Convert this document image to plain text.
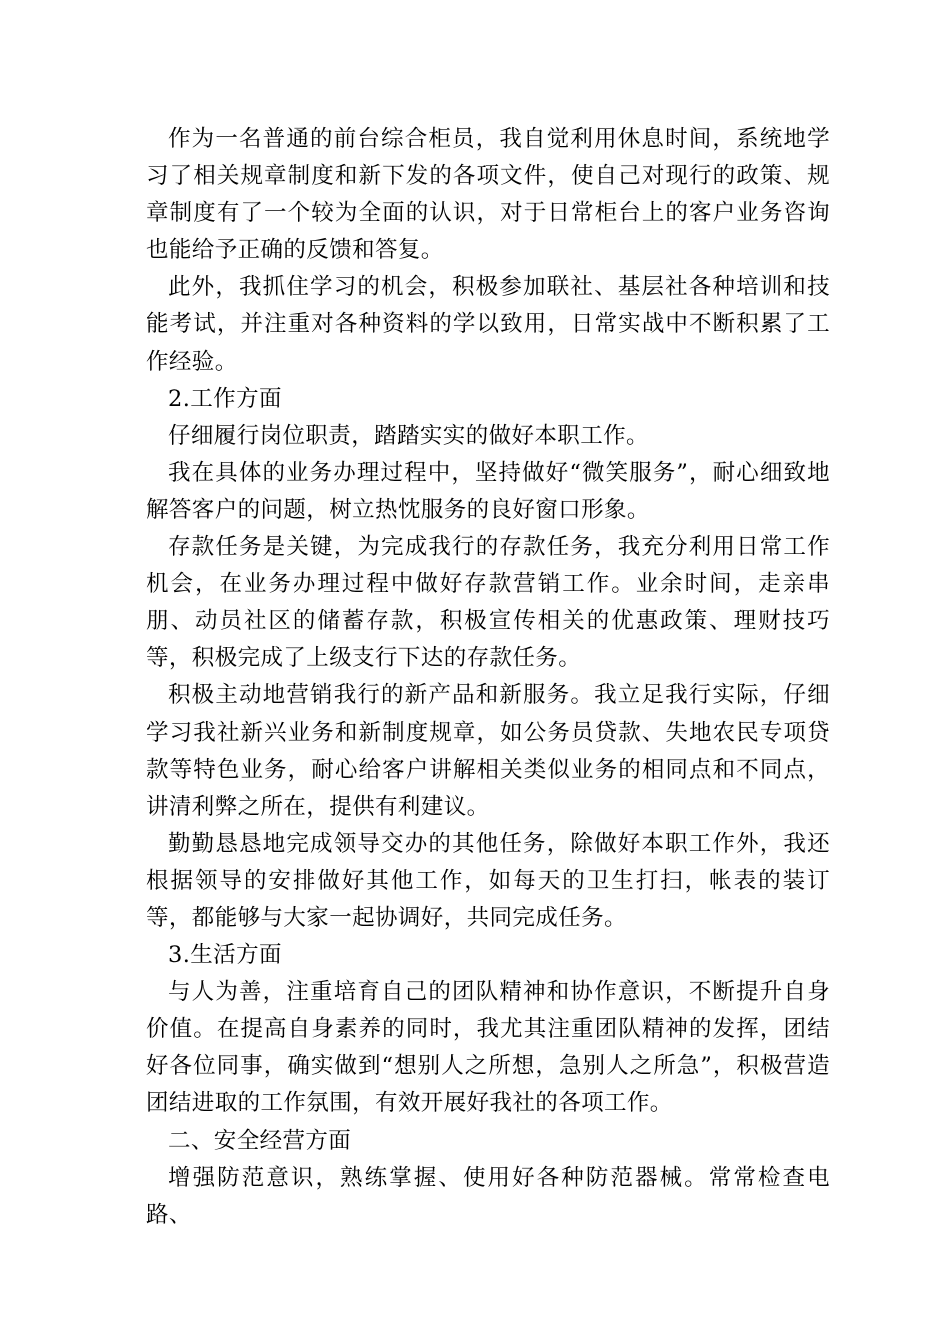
作为一名普通的前台综合柜员，我自觉利用休息时间，系统地学习了相关规章制度和新下发的各项文件，使自己对现行的政策、规章制度有了一个较为全面的认识，对于日常柜台上的客户业务咨询也能给予正确的反馈和答复。

此外，我抓住学习的机会，积极参加联社、基层社各种培训和技能考试，并注重对各种资料的学以致用，日常实战中不断积累了工作经验。

2.工作方面

仔细履行岗位职责，踏踏实实的做好本职工作。

我在具体的业务办理过程中，坚持做好“微笑服务”，耐心细致地解答客户的问题，树立热忱服务的良好窗口形象。

存款任务是关键，为完成我行的存款任务，我充分利用日常工作机会，在业务办理过程中做好存款营销工作。业余时间，走亲串朋、动员社区的储蓄存款，积极宣传相关的优惠政策、理财技巧等，积极完成了上级支行下达的存款任务。

积极主动地营销我行的新产品和新服务。我立足我行实际，仔细学习我社新兴业务和新制度规章，如公务员贷款、失地农民专项贷款等特色业务，耐心给客户讲解相关类似业务的相同点和不同点，讲清利弊之所在，提供有利建议。

勤勤恳恳地完成领导交办的其他任务，除做好本职工作外，我还根据领导的安排做好其他工作，如每天的卫生打扫，帐表的装订等，都能够与大家一起协调好，共同完成任务。

3.生活方面

与人为善，注重培育自己的团队精神和协作意识，不断提升自身价值。在提高自身素养的同时，我尤其注重团队精神的发挥，团结好各位同事，确实做到“想别人之所想，急别人之所急”，积极营造团结进取的工作氛围，有效开展好我社的各项工作。

二、安全经营方面

增强防范意识，熟练掌握、使用好各种防范器械。常常检查电路、
